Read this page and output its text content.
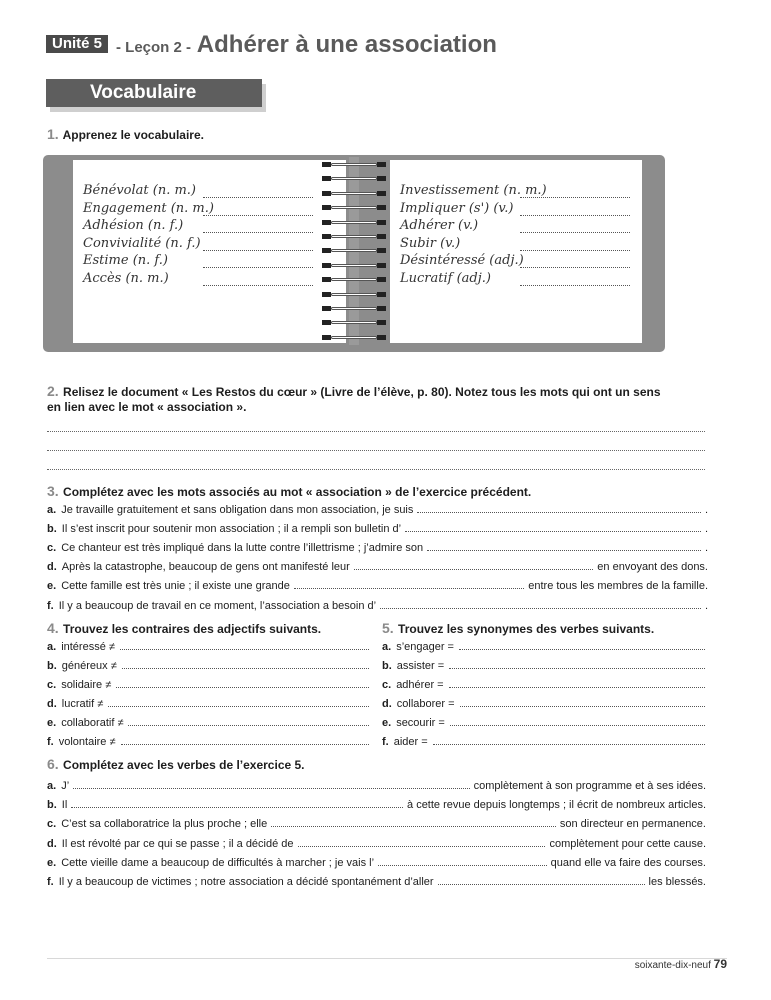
Unité 5 - Leçon 2 - Adhérer à une association
Vocabulaire
1. Apprenez le vocabulaire.
Bénévolat (n. m.)
Engagement (n. m.)
Adhésion (n. f.)
Convivialité (n. f.)
Estime (n. f.)
Accès (n. m.)
Investissement (n. m.)
Impliquer (s') (v.)
Adhérer (v.)
Subir (v.)
Désintéressé (adj.)
Lucratif (adj.)
2. Relisez le document « Les Restos du cœur » (Livre de l’élève, p. 80). Notez tous les mots qui ont un sens
en lien avec le mot « association ».
3. Complétez avec les mots associés au mot « association » de l’exercice précédent.
a. Je travaille gratuitement et sans obligation dans mon association, je suis	.
b. Il s’est inscrit pour soutenir mon association ; il a rempli son bulletin d’	.
c. Ce chanteur est très impliqué dans la lutte contre l’illettrisme ; j’admire son	.
d. Après la catastrophe, beaucoup de gens ont manifesté leur	en envoyant des dons.
e. Cette famille est très unie ; il existe une grande	entre tous les membres de la famille.
f. Il y a beaucoup de travail en ce moment, l’association a besoin d’	.
4. Trouvez les contraires des adjectifs suivants.
a. intéressé ≠
b. généreux ≠
c. solidaire ≠
d. lucratif ≠
e. collaboratif ≠
f. volontaire ≠
5. Trouvez les synonymes des verbes suivants.
a. s’engager =
b. assister =
c. adhérer =
d. collaborer =
e. secourir =
f. aider =
6. Complétez avec les verbes de l’exercice 5.
a. J’	complètement à son programme et à ses idées.
b. Il	à cette revue depuis longtemps ; il écrit de nombreux articles.
c. C’est sa collaboratrice la plus proche ; elle	son directeur en permanence.
d. Il est révolté par ce qui se passe ; il a décidé de	complètement pour cette cause.
e. Cette vieille dame a beaucoup de difficultés à marcher ; je vais l’	quand elle va faire des courses.
f. Il y a beaucoup de victimes ; notre association a décidé spontanément d’aller	les blessés.
soixante-dix-neuf 79
